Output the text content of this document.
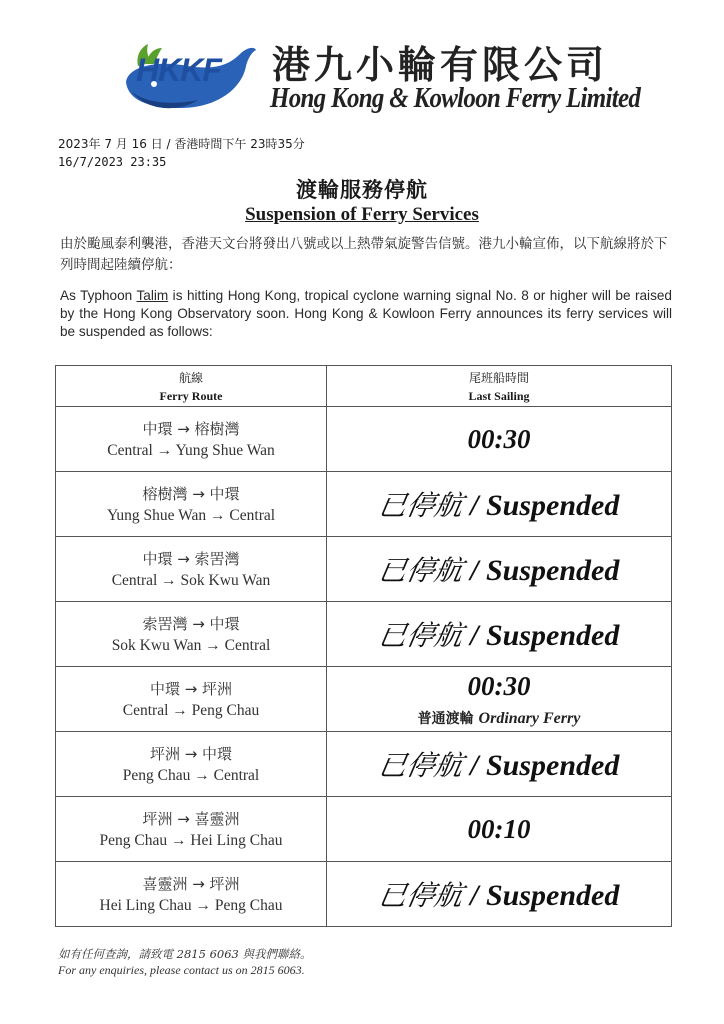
HKKF 港九小輪有限公司
Hong Kong & Kowloon Ferry Limited
2023年 7 月 16 日 / 香港時間下午 23時35分
16/7/2023 23:35
渡輪服務停航
Suspension of Ferry Services
由於颱風泰利襲港，香港天文台將發出八號或以上熱帶氣旋警告信號。港九小輪宣佈，以下航線將於下列時間起陸續停航：
As Typhoon Talim is hitting Hong Kong, tropical cyclone warning signal No. 8 or higher will be raised by the Hong Kong Observatory soon. Hong Kong & Kowloon Ferry announces its ferry services will be suspended as follows:
航線
Ferry Route	尾班船時間
Last Sailing

中環 → 榕樹灣
Central → Yung Shue Wan	00:30

榕樹灣 → 中環
Yung Shue Wan → Central	已停航 / Suspended

中環 → 索罟灣
Central → Sok Kwu Wan	已停航 / Suspended

索罟灣 → 中環
Sok Kwu Wan → Central	已停航 / Suspended

中環 → 坪洲
Central → Peng Chau	00:30
普通渡輪 Ordinary Ferry

坪洲 → 中環
Peng Chau → Central	已停航 / Suspended

坪洲 → 喜靈洲
Peng Chau → Hei Ling Chau	00:10

喜靈洲 → 坪洲
Hei Ling Chau → Peng Chau	已停航 / Suspended
如有任何查詢，請致電 2815 6063 與我們聯絡。
For any enquiries, please contact us on 2815 6063.
